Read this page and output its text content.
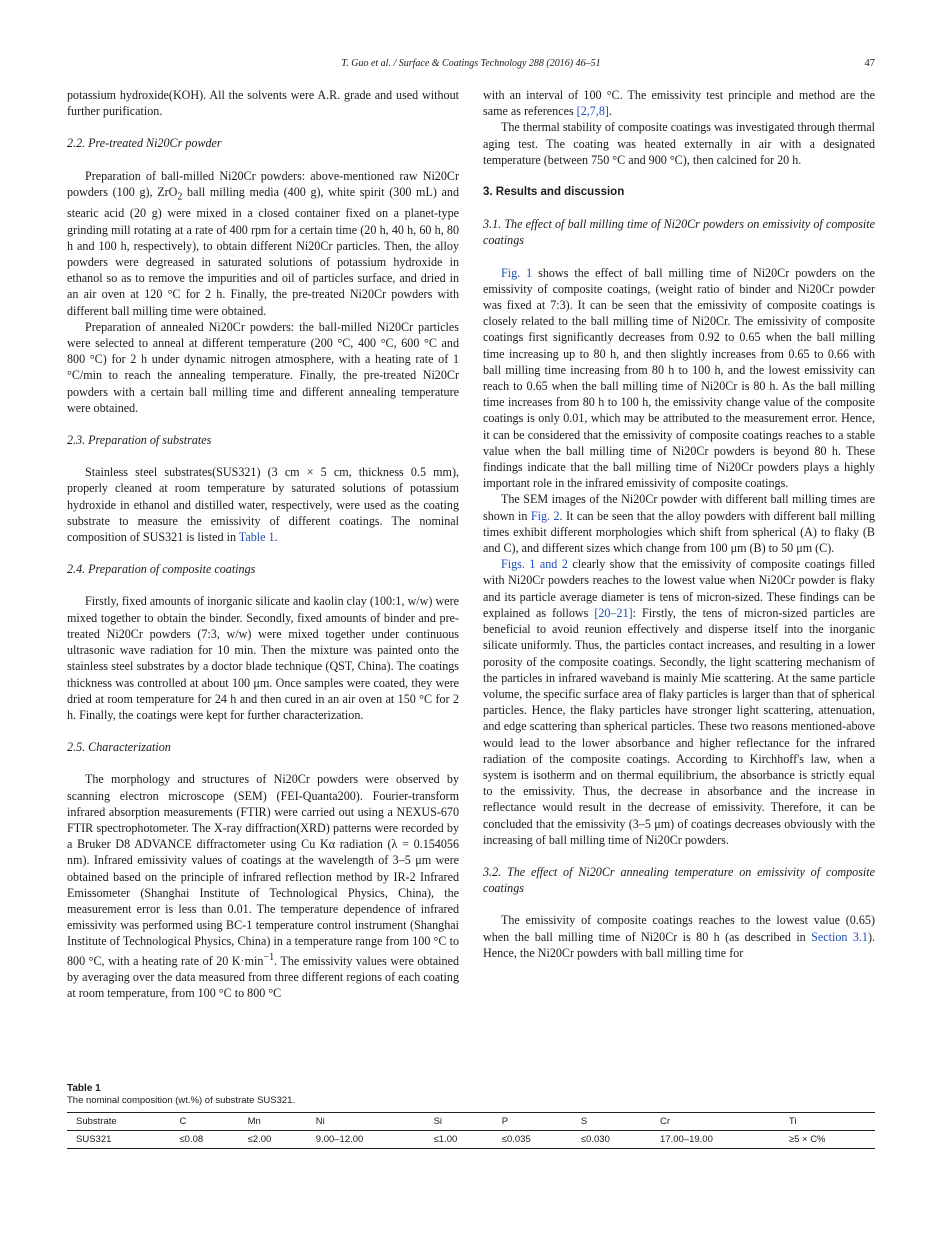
T. Guo et al. / Surface & Coatings Technology 288 (2016) 46–51	47

potassium hydroxide(KOH). All the solvents were A.R. grade and used without further purification.

2.2. Pre-treated Ni20Cr powder

Preparation of ball-milled Ni20Cr powders: above-mentioned raw Ni20Cr powders (100 g), ZrO$_2$ ball milling media (400 g), white spirit (300 mL) and stearic acid (20 g) were mixed in a closed container fixed on a planet-type grinding mill rotating at a rate of 400 rpm for a certain time (20 h, 40 h, 60 h, 80 h and 100 h, respectively), to obtain different Ni20Cr particles. Then, the alloy powders were degreased in saturated solutions of potassium hydroxide in ethanol so as to remove the impurities and oil of particles surface, and dried in an air oven at 120 °C for 2 h. Finally, the pre-treated Ni20Cr powders with different ball milling time were obtained.

Preparation of annealed Ni20Cr powders: the ball-milled Ni20Cr particles were selected to anneal at different temperature (200 °C, 400 °C, 600 °C and 800 °C) for 2 h under dynamic nitrogen atmosphere, with a heating rate of 1 °C/min to reach the annealing temperature. Finally, the pre-treated Ni20Cr powders with a certain ball milling time and different annealing temperature were obtained.

2.3. Preparation of substrates

Stainless steel substrates(SUS321) (3 cm × 5 cm, thickness 0.5 mm), properly cleaned at room temperature by saturated solutions of potassium hydroxide in ethanol and distilled water, respectively, were used as the coating substrate to measure the emissivity of different coatings. The nominal composition of SUS321 is listed in Table 1.

2.4. Preparation of composite coatings

Firstly, fixed amounts of inorganic silicate and kaolin clay (100:1, w/w) were mixed together to obtain the binder. Secondly, fixed amounts of binder and pre-treated Ni20Cr powders (7:3, w/w) were mixed together under continuous ultrasonic wave radiation for 10 min. Then the mixture was painted onto the stainless steel substrates by a doctor blade technique (QST, China). The coatings thickness was controlled at about 100 μm. Once samples were coated, they were dried at room temperature for 24 h and then cured in an air oven at 150 °C for 2 h. Finally, the coatings were kept for further characterization.

2.5. Characterization

The morphology and structures of Ni20Cr powders were observed by scanning electron microscope (SEM) (FEI-Quanta200). Fourier-transform infrared absorption measurements (FTIR) were carried out using a NEXUS-670 FTIR spectrophotometer. The X-ray diffraction(XRD) patterns were recorded by a Bruker D8 ADVANCE diffractometer using Cu Kα radiation (λ = 0.154056 nm). Infrared emissivity values of coatings at the wavelength of 3–5 μm were obtained based on the principle of infrared reflection method by IR-2 Infrared Emissometer (Shanghai Institute of Technological Physics, China), the measurement error is less than 0.01. The temperature dependence of infrared emissivity was performed using BC-1 temperature control instrument (Shanghai Institute of Technological Physics, China) in a temperature range from 100 °C to 800 °C, with a heating rate of 20 $K\cdot\min^{-1}$. The emissivity values were obtained by averaging over the data measured from three different regions of each coating at room temperature, from 100 °C to 800 °C

with an interval of 100 °C. The emissivity test principle and method are the same as references [2,7,8].

The thermal stability of composite coatings was investigated through thermal aging test. The coating was heated externally in air with a designated temperature (between 750 °C and 900 °C), then calcined for 20 h.

3. Results and discussion
3.1. The effect of ball milling time of Ni20Cr powders on emissivity of composite coatings

Fig. 1 shows the effect of ball milling time of Ni20Cr powders on the emissivity of composite coatings, (weight ratio of binder and Ni20Cr powder was fixed at 7:3). It can be seen that the emissivity of composite coatings is closely related to the ball milling time of Ni20Cr. The emissivity of composite coatings first significantly decreases from 0.92 to 0.65 when the ball milling time increasing up to 80 h, and then slightly increases from 0.65 to 0.66 with ball milling time increasing from 80 h to 100 h, and the lowest emissivity can reach to 0.65 when the ball milling time of Ni20Cr is 80 h. As the ball milling time increases from 80 h to 100 h, the emissivity change value of the composite coatings is only 0.01, which may be attributed to the measurement error. Hence, it can be considered that the emissivity of composite coatings reaches to a stable value when the ball milling time of Ni20Cr powders is beyond 80 h. These findings indicate that the ball milling time of Ni20Cr powders plays a highly important role in the infrared emissivity of composite coatings.

The SEM images of the Ni20Cr powder with different ball milling times are shown in Fig. 2. It can be seen that the alloy powders with different ball milling times exhibit different morphologies which shift from spherical (A) to flaky (B and C), and different sizes which change from 100 μm (B) to 50 μm (C).

Figs. 1 and 2 clearly show that the emissivity of composite coatings filled with Ni20Cr powders reaches to the lowest value when Ni20Cr powder is flaky and its particle average diameter is tens of micron-sized. These findings can be explained as follows [20–21]: Firstly, the tens of micron-sized particles are beneficial to avoid reunion effectively and disperse itself into the inorganic silicate uniformly. Thus, the particles contact increases, and resulting in a lower porosity of the composite coatings. Secondly, the light scattering mechanism of the particles in infrared waveband is mainly Mie scattering. At the same particle volume, the specific surface area of flaky particles is larger than that of spherical particles. Hence, the flaky particles have stronger light scattering, attenuation, and edge scattering than spherical particles. These two reasons mentioned-above would lead to the lower absorbance and higher reflectance for the infrared radiation of the composite coatings. According to Kirchhoff's law, when a system is isotherm and on thermal equilibrium, the absorbance is strictly equal to the emissivity. Thus, the decrease in absorbance and the increase in reflectance would result in the decrease of emissivity. Therefore, it can be concluded that the emissivity (3–5 μm) of coatings decreases obviously with the increasing of ball milling time of Ni20Cr powders.

3.2. The effect of Ni20Cr annealing temperature on emissivity of composite coatings

The emissivity of composite coatings reaches to the lowest value (0.65) when the ball milling time of Ni20Cr is 80 h (as described in Section 3.1). Hence, the Ni20Cr powders with ball milling time for

Table 1
The nominal composition (wt.%) of substrate SUS321.
Substrate	C	Mn	Ni	Si	P	S	Cr	Ti
SUS321	≤0.08	≤2.00	9.00–12.00	≤1.00	≤0.035	≤0.030	17.00–19.00	≥5 × C%
